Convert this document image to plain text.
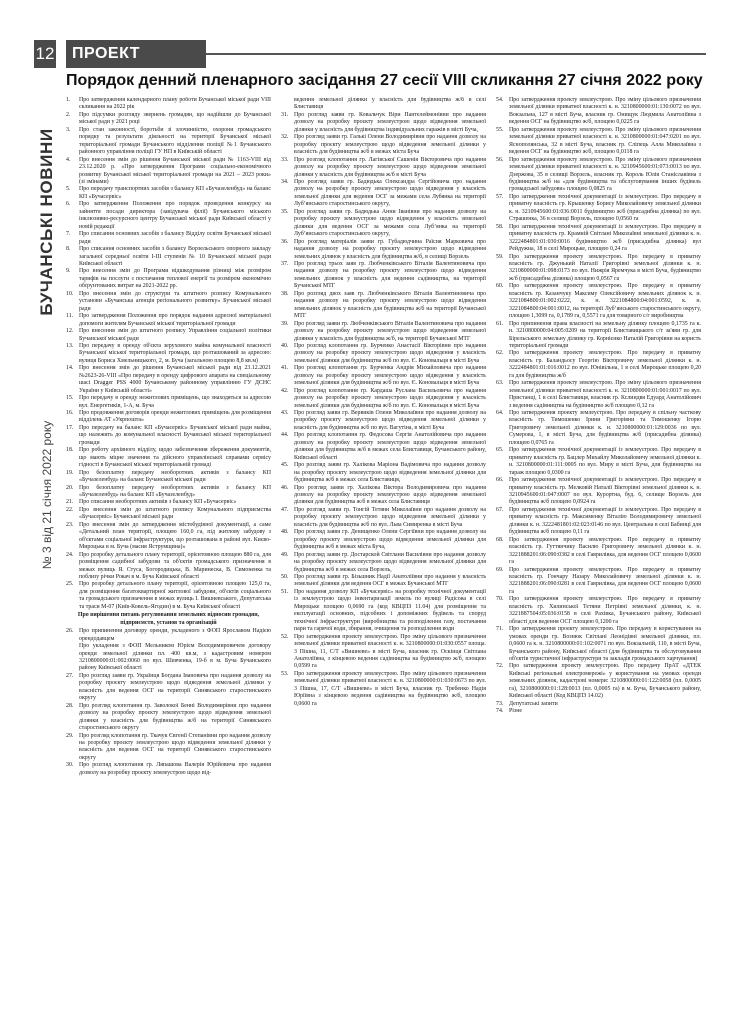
12	ПРОЕКТ
БУЧАНСЬКІ НОВИНИ
№ 3 від 21 січня 2022 року
Порядок денний пленарного засідання 27 сесії VIII скликання 27 січня 2022 року
1.	Про затвердження календарного плану роботи Бучанської міської ради VIII скликання на 2022 рік
2.	Про підсумки розгляду звернень громадян, що надійшли до Бучанської міської ради у 2021 році
3.	Про стан законності, боротьби зі злочинністю, охорони громадського порядку та результати діяльності на території Бучанської міської територіальної громади Бучанського відділення поліції №1 Бучанського районного управління поліції ГУ НП в Київській області
4.	Про внесення змін до рішення Бучанської міської ради № 1163-VIII від 23.12.2020 р. «Про затвердження Програми соціально-економічного розвитку Бучанської міської територіальної громади на 2021 – 2023 роки» (зі змінами)
5.	Про передачу транспортних засобів з балансу КП «Бучазеленбуд» на баланс КП «Бучасервіс»
6.	Про затвердження Положення про порядок проведення конкурсу на зайняття посади директора (завідувача філії) Бучанського міського інклюзивно-ресурсного центру Бучанської міської ради Київської області у новій редакції
7.	Про списання основних засобів з балансу Відділу освіти Бучанської міської ради
8.	Про списання основних засобів з балансу Ворзельського опорного закладу загальної середньої освіти І-ІІІ ступенів № 10 Бучанської міської ради Київської області
9.	Про внесення змін до Програми відшкодування різниці між розміром тарифів на послуги з постачання теплової енергії та розміром економічно обґрунтованих витрат на 2021-2022 рр.
10. Про внесення змін до структури та штатного розпису Комунального установи «Бучанська агенція регіонального розвитку» Бучанської міської ради
11. Про затвердження Положення про порядок надання адресної матеріальної допомоги жителям Бучанської міської територіальної громади
12. Про внесення змін до штатного розпису Управління соціальної політики Бучанської міської ради
13. Про передачу в оренду об'єкта зерухомого майна комунальної власності Бучанської міської територіальної громади, що розташований за адресою: вулиця Бориса Хмельницького, 2, м. Буча (загальною площею 8,8 кв.м)
14. Про внесення змін до рішення Бучанської міської ради від 23.12.2021 №2623-26-VIII «Про передачу в оренду цифрового апарата на спеціальному шасі Dragger PSS 4000 Бучанському районному управлінню ГУ ДСНС України у Київській області»
15. Про передачу в оренду нежитлових приміщень, що знаходяться за адресою вул. Енергетиків, 1-А, м. Буча
16. Про продовження договорів оренди нежитлових приміщень для розміщення відділень АТ «Укрпошта»
17. Про передачу на баланс КП «Бучасервіс» Бучанської міської ради майна, що належить до комунальної власності Бучанської міської територіальної громади
18. Про роботу архівного відділу, щодо забезпечення збереження документів, що мають міцне значення та дійсного управлінської справами сервісу гідності в Бучанської міської територіальній громаді
19. Про безоплатну передачу необоротних активів з балансу КП «Бучазеленбуд» на баланс Бучанської міської ради
20. Про безоплатну передачу необоротних активів з балансу КП «Бучазеленбуд» на баланс КП «Бучазеленбуд»
21. Про списання необоротних активів з балансу КП «Бучасервіс»
22. Про внесення змін до штатного розпису Комунального підприємства «Бучасервіс» Бучанської міської ради
23. Про внесення змін до затвердження містобудівної документації, а саме «Детальний план території, площею 160,0 га, під житлову забудову з об'єктами соціальної інфраструктури, що розташована в районі вул. Києво-Мироцька в м. Буча (масив Яструмщина)»
24. Про розробку детального плану території, орієнтовною площею 880 га, для розміщення садибної забудови та об'єктів громадського призначення в межах вулиць Я. Стуса, Богородицька, В. Маринеска, В. Симоненка та поблизу річки Рокач в м. Буча Київської області
25. Про розробку детального плану території, орієнтовною площею 125,0 га, для розміщення багатоквартирної житлової забудови, об'єктів соціального та громадського призначення в межах вулиць І. Вишневського, Депутатська та траси М-07 (Київ-Ковель-Ягодин) в м. Буча Київської області
Про вирішення питань регулювання земельних відносин громадян, підприємств, установ та організацій
26. Про припинення договору оренди, укладеного з ФОП Ярославом Надією орендодавцем
Про укладення з ФОП Мельником Юрієм Володимировичем договору оренди земельної ділянки пл. 400 кв.м, з кадастровим номером 3210800000:01:002:0060 по вул. Шевченка, 19-б в м. Буча Бучанського району Київської області
27. Про розгляд заяви гр. Українця Богдана Івановича про надання дозволу на розробку проєкту землеустрою щодо відведення земельної ділянки у власність для ведення ОСГ на території Синявського старостинського округу
28. Про розгляд клопотання гр. Заволокої Бенні Володимирівни про надання дозволу на розробку проєкту землеустрою щодо відведення земельної ділянки у власність для будівництва ж/б на території Синявського старостинського округу
29. Про розгляд клопотання гр. Ткачук Євгенії Степанівни про надання дозволу на розробку проєкту землеустрою щодо відведення земельної ділянки у власність для ведення ОСГ на території Синявського старостинського округу
30. Про розгляд клопотання гр. Ляпашова Валерія Юрійовича про надання дозволу на розробку проєкту землеустрою щодо від-
ведення земельної ділянки у власність для будівництва ж/б в селі Блиставиця
31. Про розгляд заяви гр. Ковальчук Віри Пантелеймонівни про надання дозволу на розробку проєкту землеустрою щодо відведення земельної ділянки у власність для будівництва індивідуальних гаражів в місті Буча,
32. Про розгляд заяви гр. Галькі Олени Володимирівни про надання дозволу на розробку проєкту землеустрою щодо відведення земельної ділянки у власність для будівництва ж/б в межах міста Буча
33. Про розгляд клопотання гр. Лагівської Сашенія Вікторовича про надання дозволу на розробку проєкту землеустрою щодо відведення земельної ділянки у власність для будівництва ж/б в місті Буча
34. Про розгляд заяви гр. Бадюдька Олександра Сергійовича про надання дозволу на розробку проєкту землеустрою щодо відведення у власність земельної ділянки для ведення ОСГ за межами села Лубянка на території Лубʼянського старостинського округу,
35. Про розгляд заяви гр. Бадюдька Анни Іванівни про надання дозволу на розробку проєкту землеустрою щодо відведення у власність земельної ділянки для ведення ОСГ за межами села Лубʼянка на території Лубʼянського старостинського округу,
36. Про розгляд матеріалів заяви гр. Губадюдчина Раїсия Марковича про надання дозволу на розробку проєкту землеустрою щодо відведення земельних ділянок у власність для будівництва ж/б, в селищі Ворзель
37. Про розгляд трьох заяв гр. Любченківського Віталія Валентиновича про надання дозволу на розробку проєкту землеустрою щодо відведення земельних ділянок у власність для ведення садівництва, на території Бучанської МТГ
38. Про розгляд двох заяв гр. Любченківського Віталія Валентиновича про надання дозволу на розробку проєкту землеустрою щодо відведення земельних ділянок у власність для будівництва ж/б на території Бучанської МТГ
39. Про розгляд заяви гр. Любченківського Віталія Валентиновича про надання дозволу на розробку проєкту землеустрою щодо відведення земельної ділянки у власність для будівництва ж/б, на території Бучанської МТГ
40. Про розгляд клопотання гр. Бурченко Анастасії Вікторівни про надання дозволу на розробку проєкту землеустрою щодо відведення у власність земельної ділянки для будівництва ж/б по вул. Є. Коновальця в місті Буча
41. Про розгляд клопотання гр. Бурченка Андрія Михайловича про надання дозволу на розробку проєкту землеустрою щодо відведення у власність земельної ділянки для будівництва ж/б по вул. Є. Коновальця в місті Буча
42. Про розгляд клопотання гр. Кардаша Руслана Васильовича про надання дозволу на розробку проєкту землеустрою щодо відведення у власність земельної ділянки для будівництва ж/б по вул. Є. Коновальця в місті Буча
43. Про розгляд заяви гр. Вервиків Олени Миколаївни про надання дозволу на розробку проєкту землеустрою щодо відведення земельної ділянки у власність для будівництва ж/б по вул. Вагутіна, в місті Буча
44. Про розгляд клопотання гр. Федосова Сергія Анатолійовича про надання дозволу на розробку проєкту землеустрою щодо відведення земельної ділянки для будівництва ж/б в межах села Блиставиця, Бучанського району, Київської області
45. Про розгляд заяви гр. Халікова Маріона Вадімовича про надання дозволу на розробку проєкту землеустрою щодо відведення земельної ділянки для будівництва ж/б в межах села Блиставиця,
46. Про розгляд заяви гр. Халікова Віктора Володимировича про надання дозволу на розробку проєкту землеустрою щодо відведення земельної ділянки для будівництва ж/б в межах села Блиставиця
47. Про розгляд заяви гр. Тонгій Тетяни Миколаївни про надання дозволу на розробку проєкту землеустрою щодо відведення земельної ділянки у власність для будівництва ж/б по вул. Льва Симиренка в місті Буча
48. Про розгляд заяви гр. Денищенко Олени Сергіївни про надання дозволу на розробку проєкту землеустрою щодо відведення земельної ділянки для будівництва ж/б в межах міста Буча,
49. Про розгляд заяви гр. Достарской Світлани Василівни про надання дозволу на розробку проєкту землеустрою щодо відведення земельної ділянки для будівництва ж/б в межах села Ворзель,
50. Про розгляд заяви гр. Бізьшник Надії Анатоліївни про надання у власність земельної ділянки для ведення ОСГ в межах Бучанської МТГ
51. Про надання дозволу КП «Бучасервіс» на розробку технічної документації із землеустрою щодо інвентаризації земель по вулиці Радісова в селі Мироцьке площею 0,0690 га (код КВЦПЗ 11.04) для розміщення та експлуатації основних, підсобних і допоміжних будівель та споруд технічної інфраструктури (виробництва та розподілення газу, постачання пари та гарячої води, збирання, очищення та розподілення води
52. Про затвердження проекту землеустрою. Про зміну цільового призначення земельної ділянки приватної власності к. н. 3210800000:01:030:0557 площа. 3 Пішна, 11, С/Т «Вишневе» в місті Буча, власник гр. Оскінця Світлана Анатоліївна, з кінцевою ведення садівництва на будівництво ж/б, площею 0,0599 га
53. Про затвердження проекту землеустрою. Про зміну цільового призначення земельної ділянки приватної власності к. н. 3210800000:01:030:0673 по вул. 3 Пішна, 17, С/Т «Вишневе» в місті Буча, власник гр. Требенко Надія Юріївна з кінцевою ведення садівництва на будівництво ж/б, площею 0,0600 га
54. Про затвердження проекту землеустрою. Про зміну цільового призначення земельної ділянки приватної власності к. н. 3210800000:01:130:0072 по вул. Вокзальна, 127 в місті Буча, власник гр. Онищук Людмила Анатоліївна з ведення ОСГ на будівництво ж/б, площею 0,0225 га
55. Про затвердження проекту землеустрою. Про зміну цільового призначення земельної ділянки приватної власності к. н. 3210800000:01:047:0201 по вул. Яснополянська, 32 в місті Буча, власник гр. Сліпець Алла Миколаївна з ведення ОСГ на будівництво ж/б, площею 0,0118 га
56. Про затвердження проекту землеустрою. Про зміну цільового призначення земельної ділянки приватної власності к. н. 3210945600:01:073:0013 по вул. Дзержова, 35 в селищі Ворзель, власник гр. Король Юлія Станіславівна з будівництва ж/б на «для будівництва та обслуговування інших будівель громадської забудови» площею 0,0825 га
57. Про затвердження технічної документації із землеустрою. Про передачу в приватну власність гр. Крышенку Борису Миколайовичу земельної ділянки к. н. 3210945600:01:036:0011 будівництво ж/б (присадибна ділянка) по вул. Страшенка, 36 в селищі Ворзель, площею 0,0560 га
58. Про затвердження технічної документації із землеустрою. Про передачу в приватну власність гр. Крамній Світлані Миколаївні земельної ділянки к. н. 3222484801:01:030:0016 будівництво ж/б (присадибна ділянка) вул Рейдужна, 18 в селі Мироцьке, площею 0,24 га
59. Про затвердження проекту землеустрою. Про передачу в приватну власність гр. Джунький Наталії Григорівні земельної ділянки к. н. 3210800000:01:098:0173 по вул. Нижрія Яремчука в місті Буча, будівництво ж/б (присадибна ділянка) площею 0,0567 га
60. Про затвердження проекту землеустрою. Про передачу в приватну власність гр. Казанчуку Максиму Олексійовичу земельних ділянок к. н. 3221084800:01:002:0222, к. н. 3221084800:04:001:0592, к. н. 3221084800:04:001:0012, на території Лубʼянського старостинського округу, площею 1,3099 га, 0,1789 га, 0,5571 га для товарного с/г виробництва
61. Про припинення права власності на земельну ділянку площею 0,1735 га к. н. 3210800000:04:005:0209 на території Блиставицького с/т за'яви гр. для Бірельського земельну ділянку гр. Корнієнко Наталій Григорівни на користь територіальної громади
62. Про затвердження проекту землеустрою. Про передачу в приватну власність гр. Баландьосу Георгію Вікторовичу земельної ділянки к. н. 3222484801:01:016:0012 по вул. Юнівільна, 1 в селі Мироцьке площею 0,20 га для будівництва ж/б
63. Про затвердження проекту землеустрою. Про зміну цільового призначення земельної ділянки приватної власності к. н. 3210800000:01:001:0017 по вул. Пристанці, 1 в селі Блиставиця, власник гр. Кслиндвя Едуард Анатолійович з ведення садівництва на будівництво ж/б площею 0,12 га
64. Про затвердження проекту землеустрою. Про передачу в спільну часткову власність гр. Тимошенко Ірини Григорівни та Тимошенку Ігорю Григоровичу земельної ділянки к. н. 3210800000:01:129:0036 по вул. Сумерова, 1, в місті Буча, для будівництва ж/б (присадибна ділянка) площею 0,0765 га
65. Про затвердження технічної документації із землеустрою. Про передачу в приватну власність гр. Бацлер Михайлу Миколайовичу земельної ділянки к. н. 3210800000:01:111:0005 по вул. Миру в місті Буча, для будівництва на тараж площею 0,0300 га
66. Про затвердження технічної документації із землеустрою. Про передачу в приватну власність гр. Мелковій Наталії Вікторівні земельної ділянки к. н. 3210945600:01:047:0007 по вул. Курортна, буд. 6, селище Ворзель для будівництва ж/б площею 0,0924 га
67. Про затвердження технічної документації із землеустрою. Про передачу в приватну власність гр. Максименку Віталію Володимировичу земельної ділянки к. н. 3222481801:02:023:0146 по вул. Центральна в селі Бабинці для будівництва ж/б площею 0,11 га
68. Про затвердження проекту землеустрою. Про передачу в приватну власність гр. Гуттянчику Василю Григоровичу земельної ділянки к. н. 3221888201:06:090:0382 в селі Гаврилівка, для ведення ОСГ площею 0,0600 га
69. Про затвердження проекту землеустрою. Про передачу в приватну власність гр. Гончару Назару Миколайовичу земельної ділянки к. н. 3221888201:06:090:0281 в селі Гаврилівка, для ведення ОСГ площею 0,0600 га
70. Про затвердження проекту землеустрою. Про передачу в приватну власність гр. Хилинської Тетяни Петрівні земельної ділянки, к. н. 3221887504:05:036:0158 в селі Рахівка, Бучанського району, Київської області для ведення ОСГ площею 0,1200 га
71. Про затвердження проекту землеустрою. Про передачу в користування на умовах оренди гр. Вознюк Світлані Леонідівні земельної ділянки, пл. 0,0600 га к. н. 3210800000:01:102:0071 по вул. Вокзальній, 110, в місті Буча, Бучанського району, Київської області (для будівництва та обслуговування об'єктів туристичної інфраструктури та закладів громадського харчування)
72. Про затвердження проекту землеустрою. Про передачу ПрАТ «ДТЕК Київські регіональні електромережі» у користування на умовах оренди земельних ділянок, кадастрові номери: 3210800000:01:122:0058 (пл. 0,0005 га), 3210800000:01:128:0013 (пл. 0,0005 га) в м. Буча, Бучанського району, Київської області (Код КВЦПЗ 14.02)
73. Депутатські запити
74. Різне
